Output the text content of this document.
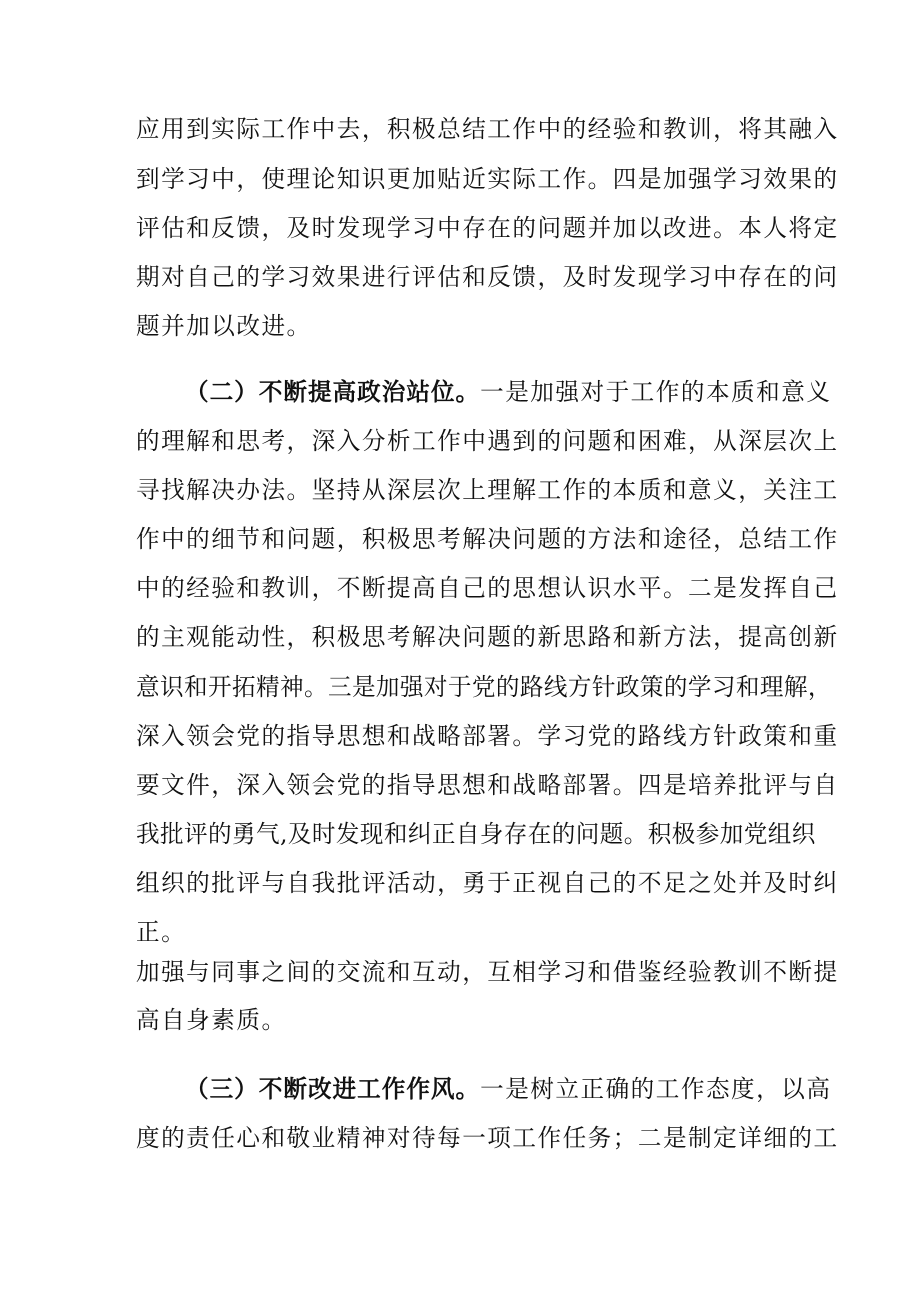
应用到实际工作中去，积极总结工作中的经验和教训，将其融入
到学习中，使理论知识更加贴近实际工作。四是加强学习效果的
评估和反馈，及时发现学习中存在的问题并加以改进。本人将定
期对自己的学习效果进行评估和反馈，及时发现学习中存在的问
题并加以改进。
（二）不断提高政治站位。一是加强对于工作的本质和意义
的理解和思考，深入分析工作中遇到的问题和困难，从深层次上
寻找解决办法。坚持从深层次上理解工作的本质和意义，关注工
作中的细节和问题，积极思考解决问题的方法和途径，总结工作
中的经验和教训，不断提高自己的思想认识水平。二是发挥自己
的主观能动性，积极思考解决问题的新思路和新方法，提高创新
意识和开拓精神。三是加强对于党的路线方针政策的学习和理解，
深入领会党的指导思想和战略部署。学习党的路线方针政策和重
要文件，深入领会党的指导思想和战略部署。四是培养批评与自
我批评的勇气,及时发现和纠正自身存在的问题。积极参加党组织
组织的批评与自我批评活动，勇于正视自己的不足之处并及时纠
正。
加强与同事之间的交流和互动，互相学习和借鉴经验教训不断提
高自身素质。
（三）不断改进工作作风。一是树立正确的工作态度，以高
度的责任心和敬业精神对待每一项工作任务；二是制定详细的工
